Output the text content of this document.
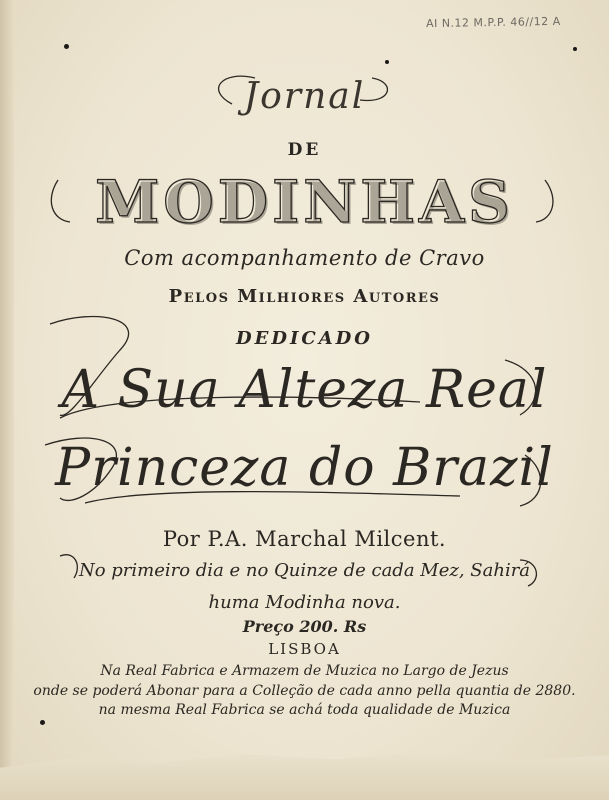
AI N.12 M.P.P. 46//12 A
Jornal
DE
MODINHAS
Com acompanhamento de Cravo
Pelos Milhiores Autores
DEDICADO
A Sua Alteza Real
Princeza do Brazil
Por P.A. Marchal Milcent.
No primeiro dia e no Quinze de cada Mez, Sahirá
huma Modinha nova.
Preço 200. Rs
LISBOA
Na Real Fabrica e Armazem de Muzica no Largo de Jezus
onde se poderá Abonar para a Colleção de cada anno pella quantia de 2880.
na mesma Real Fabrica se achá toda qualidade de Muzica
